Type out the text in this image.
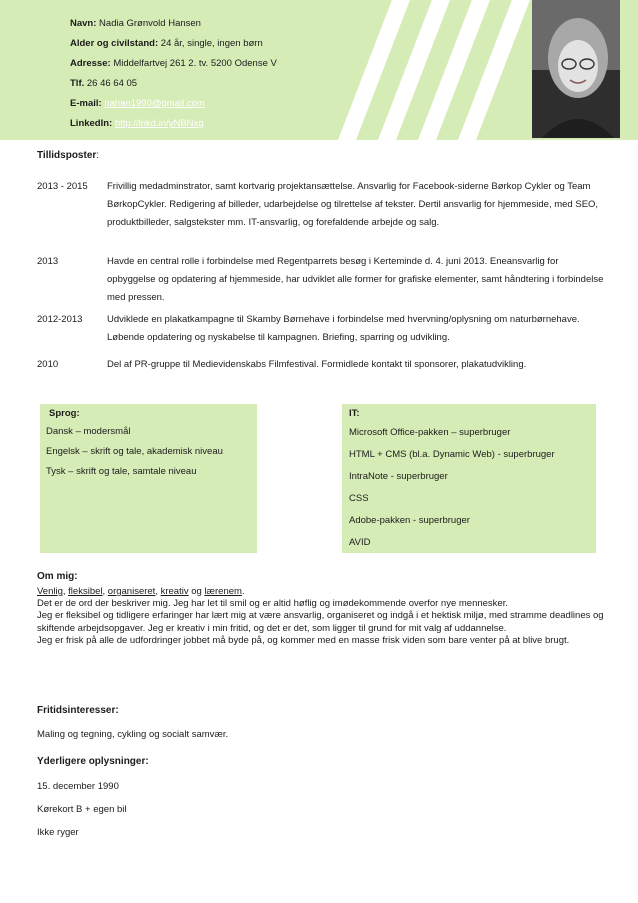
Navn: Nadia Grønvold Hansen
Alder og civilstand: 24 år, single, ingen børn
Adresse: Middelfartvej 261 2. tv. 5200 Odense V
Tlf. 26 46 64 05
E-mail: nahan1990@gmail.com
LinkedIn: http://lnkd.in/yNBNxg
Tillidsposter:
2013 - 2015	Frivillig medadminstrator, samt kortvarig projektansættelse. Ansvarlig for Facebook-siderne Børkop Cykler og Team BørkopCykler. Redigering af billeder, udarbejdelse og tilrettelse af tekster. Dertil ansvarlig for hjemmeside, med SEO, produktbilleder, salgstekster mm. IT-ansvarlig, og forefaldende arbejde og salg.
2013	Havde en central rolle i forbindelse med Regentparrets besøg i Kerteminde d. 4. juni 2013. Eneansvarlig for opbyggelse og opdatering af hjemmeside, har udviklet alle former for grafiske elementer, samt håndtering i forbindelse med pressen.
2012-2013	Udviklede en plakatkampagne til Skamby Børnehave i forbindelse med hvervning/oplysning om naturbørnehave. Løbende opdatering og nyskabelse til kampagnen. Briefing, sparring og udvikling.
2010	Del af PR-gruppe til Medievidenskabs Filmfestival. Formidlede kontakt til sponsorer, plakatudvikling.
Sprog:
Dansk – modersmål
Engelsk – skrift og tale, akademisk niveau
Tysk – skrift og tale, samtale niveau
IT:
Microsoft Office-pakken – superbruger
HTML + CMS (bl.a. Dynamic Web) - superbruger
IntraNote - superbruger
CSS
Adobe-pakken - superbruger
AVID
Om mig:
Venlig, fleksibel, organiseret, kreativ og lærenem.
Det er de ord der beskriver mig. Jeg har let til smil og er altid høflig og imødekommende overfor nye mennesker.
Jeg er fleksibel og tidligere erfaringer har lært mig at være ansvarlig, organiseret og indgå i et hektisk miljø, med stramme deadlines og skiftende arbejdsopgaver. Jeg er kreativ i min fritid, og det er det, som ligger til grund for mit valg af uddannelse.
Jeg er frisk på alle de udfordringer jobbet må byde på, og kommer med en masse frisk viden som bare venter på at blive brugt.
Fritidsinteresser:
Maling og tegning, cykling og socialt samvær.
Yderligere oplysninger:
15. december 1990
Kørekort B + egen bil
Ikke ryger
